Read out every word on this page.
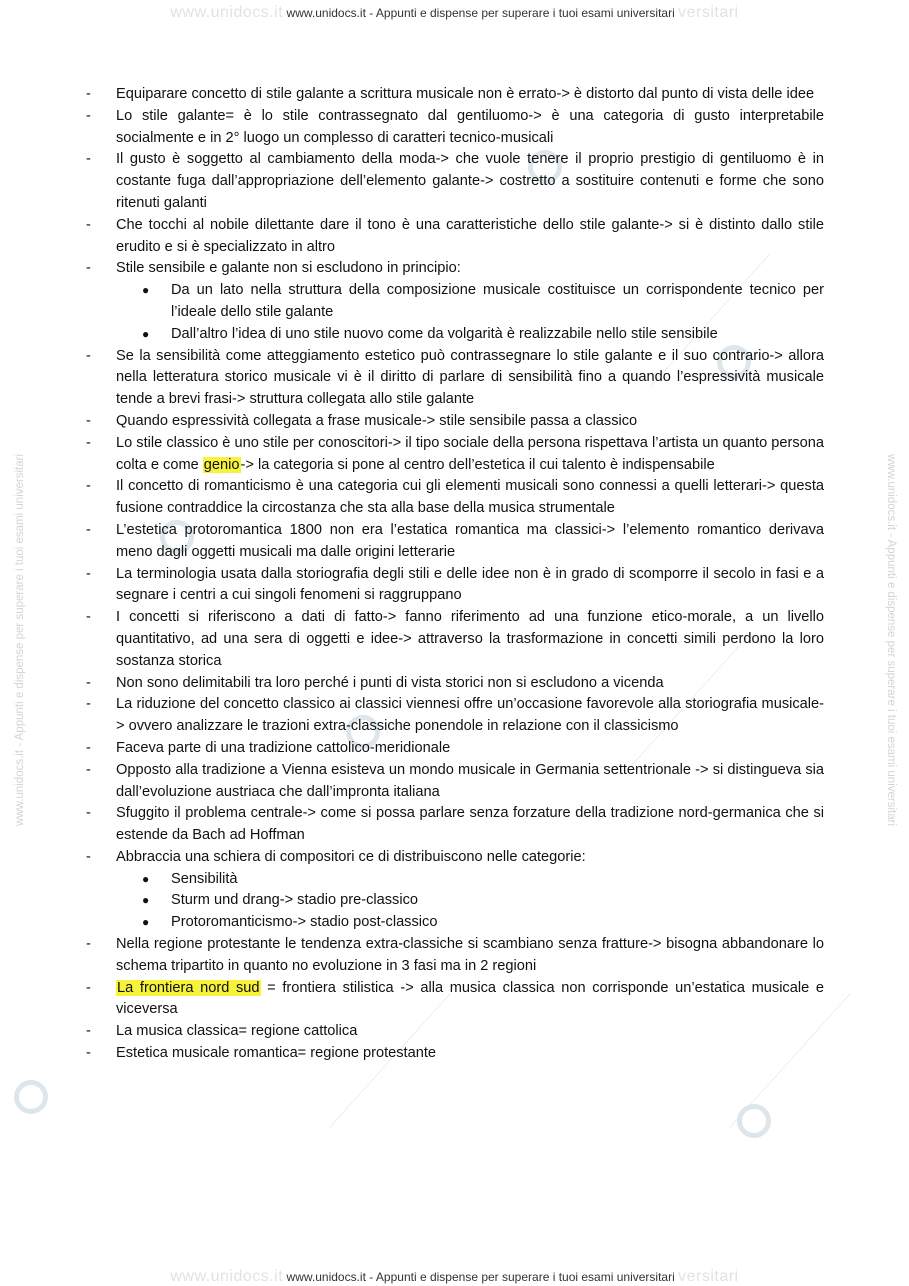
www.unidocs.it www.unidocs.it - Appunti e dispense per superare i tuoi esami universitari versitari
www.unidocs.it - Appunti e dispense per superare i tuoi esami universitari	www.unidocs.it - Appunti e dispense per superare i tuoi esami universitari
- Equiparare concetto di stile galante a scrittura musicale non è errato-> è distorto dal punto di vista delle idee
- Lo stile galante= è lo stile contrassegnato dal gentiluomo-> è una categoria di gusto interpretabile socialmente e in 2° luogo un complesso di caratteri tecnico-musicali
- Il gusto è soggetto al cambiamento della moda-> che vuole tenere il proprio prestigio di gentiluomo è in costante fuga dall’appropriazione dell’elemento galante-> costretto a sostituire contenuti e forme che sono ritenuti galanti
- Che tocchi al nobile dilettante dare il tono è una caratteristiche dello stile galante-> si è distinto dallo stile erudito e si è specializzato in altro
- Stile sensibile e galante non si escludono in principio:
● Da un lato nella struttura della composizione musicale costituisce un corrispondente tecnico per l’ideale dello stile galante
● Dall’altro l’idea di uno stile nuovo come da volgarità è realizzabile nello stile sensibile
- Se la sensibilità come atteggiamento estetico può contrassegnare lo stile galante e il suo contrario-> allora nella letteratura storico musicale vi è il diritto di parlare di sensibilità fino a quando l’espressività musicale tende a brevi frasi-> struttura collegata allo stile galante
- Quando espressività collegata a frase musicale-> stile sensibile passa a classico
- Lo stile classico è uno stile per conoscitori-> il tipo sociale della persona rispettava l’artista un quanto persona colta e come genio-> la categoria si pone al centro dell’estetica il cui talento è indispensabile
- Il concetto di romanticismo è una categoria cui gli elementi musicali sono connessi a quelli letterari-> questa fusione contraddice la circostanza che sta alla base della musica strumentale
- L’estetica protoromantica 1800 non era l’estatica romantica ma classici-> l’elemento romantico derivava meno dagli oggetti musicali ma dalle origini letterarie
- La terminologia usata dalla storiografia degli stili e delle idee non è in grado di scomporre il secolo in fasi e a segnare i centri a cui singoli fenomeni si raggruppano
- I concetti si riferiscono a dati di fatto-> fanno riferimento ad una funzione etico-morale, a un livello quantitativo, ad una sera di oggetti e idee-> attraverso la trasformazione in concetti simili perdono la loro sostanza storica
- Non sono delimitabili tra loro perché i punti di vista storici non si escludono a vicenda
- La riduzione del concetto classico ai classici viennesi offre un’occasione favorevole alla storiografia musicale-> ovvero analizzare le trazioni extra-classiche ponendole in relazione con il classicismo
- Faceva parte di una tradizione cattolico-meridionale
- Opposto alla tradizione a Vienna esisteva un mondo musicale in Germania settentrionale -> si distingueva sia dall’evoluzione austriaca che dall’impronta italiana
- Sfuggito il problema centrale-> come si possa parlare senza forzature della tradizione nord-germanica che si estende da Bach ad Hoffman
- Abbraccia una schiera di compositori ce di distribuiscono nelle categorie:
● Sensibilità
● Sturm und drang-> stadio pre-classico
● Protoromanticismo-> stadio post-classico
- Nella regione protestante le tendenza extra-classiche si scambiano senza fratture-> bisogna abbandonare lo schema tripartito in quanto no evoluzione in 3 fasi ma in 2 regioni
- La frontiera nord sud = frontiera stilistica -> alla musica classica non corrisponde un’estatica musicale e viceversa
- La musica classica= regione cattolica
- Estetica musicale romantica= regione protestante
www.unidocs.it www.unidocs.it - Appunti e dispense per superare i tuoi esami universitari versitari
